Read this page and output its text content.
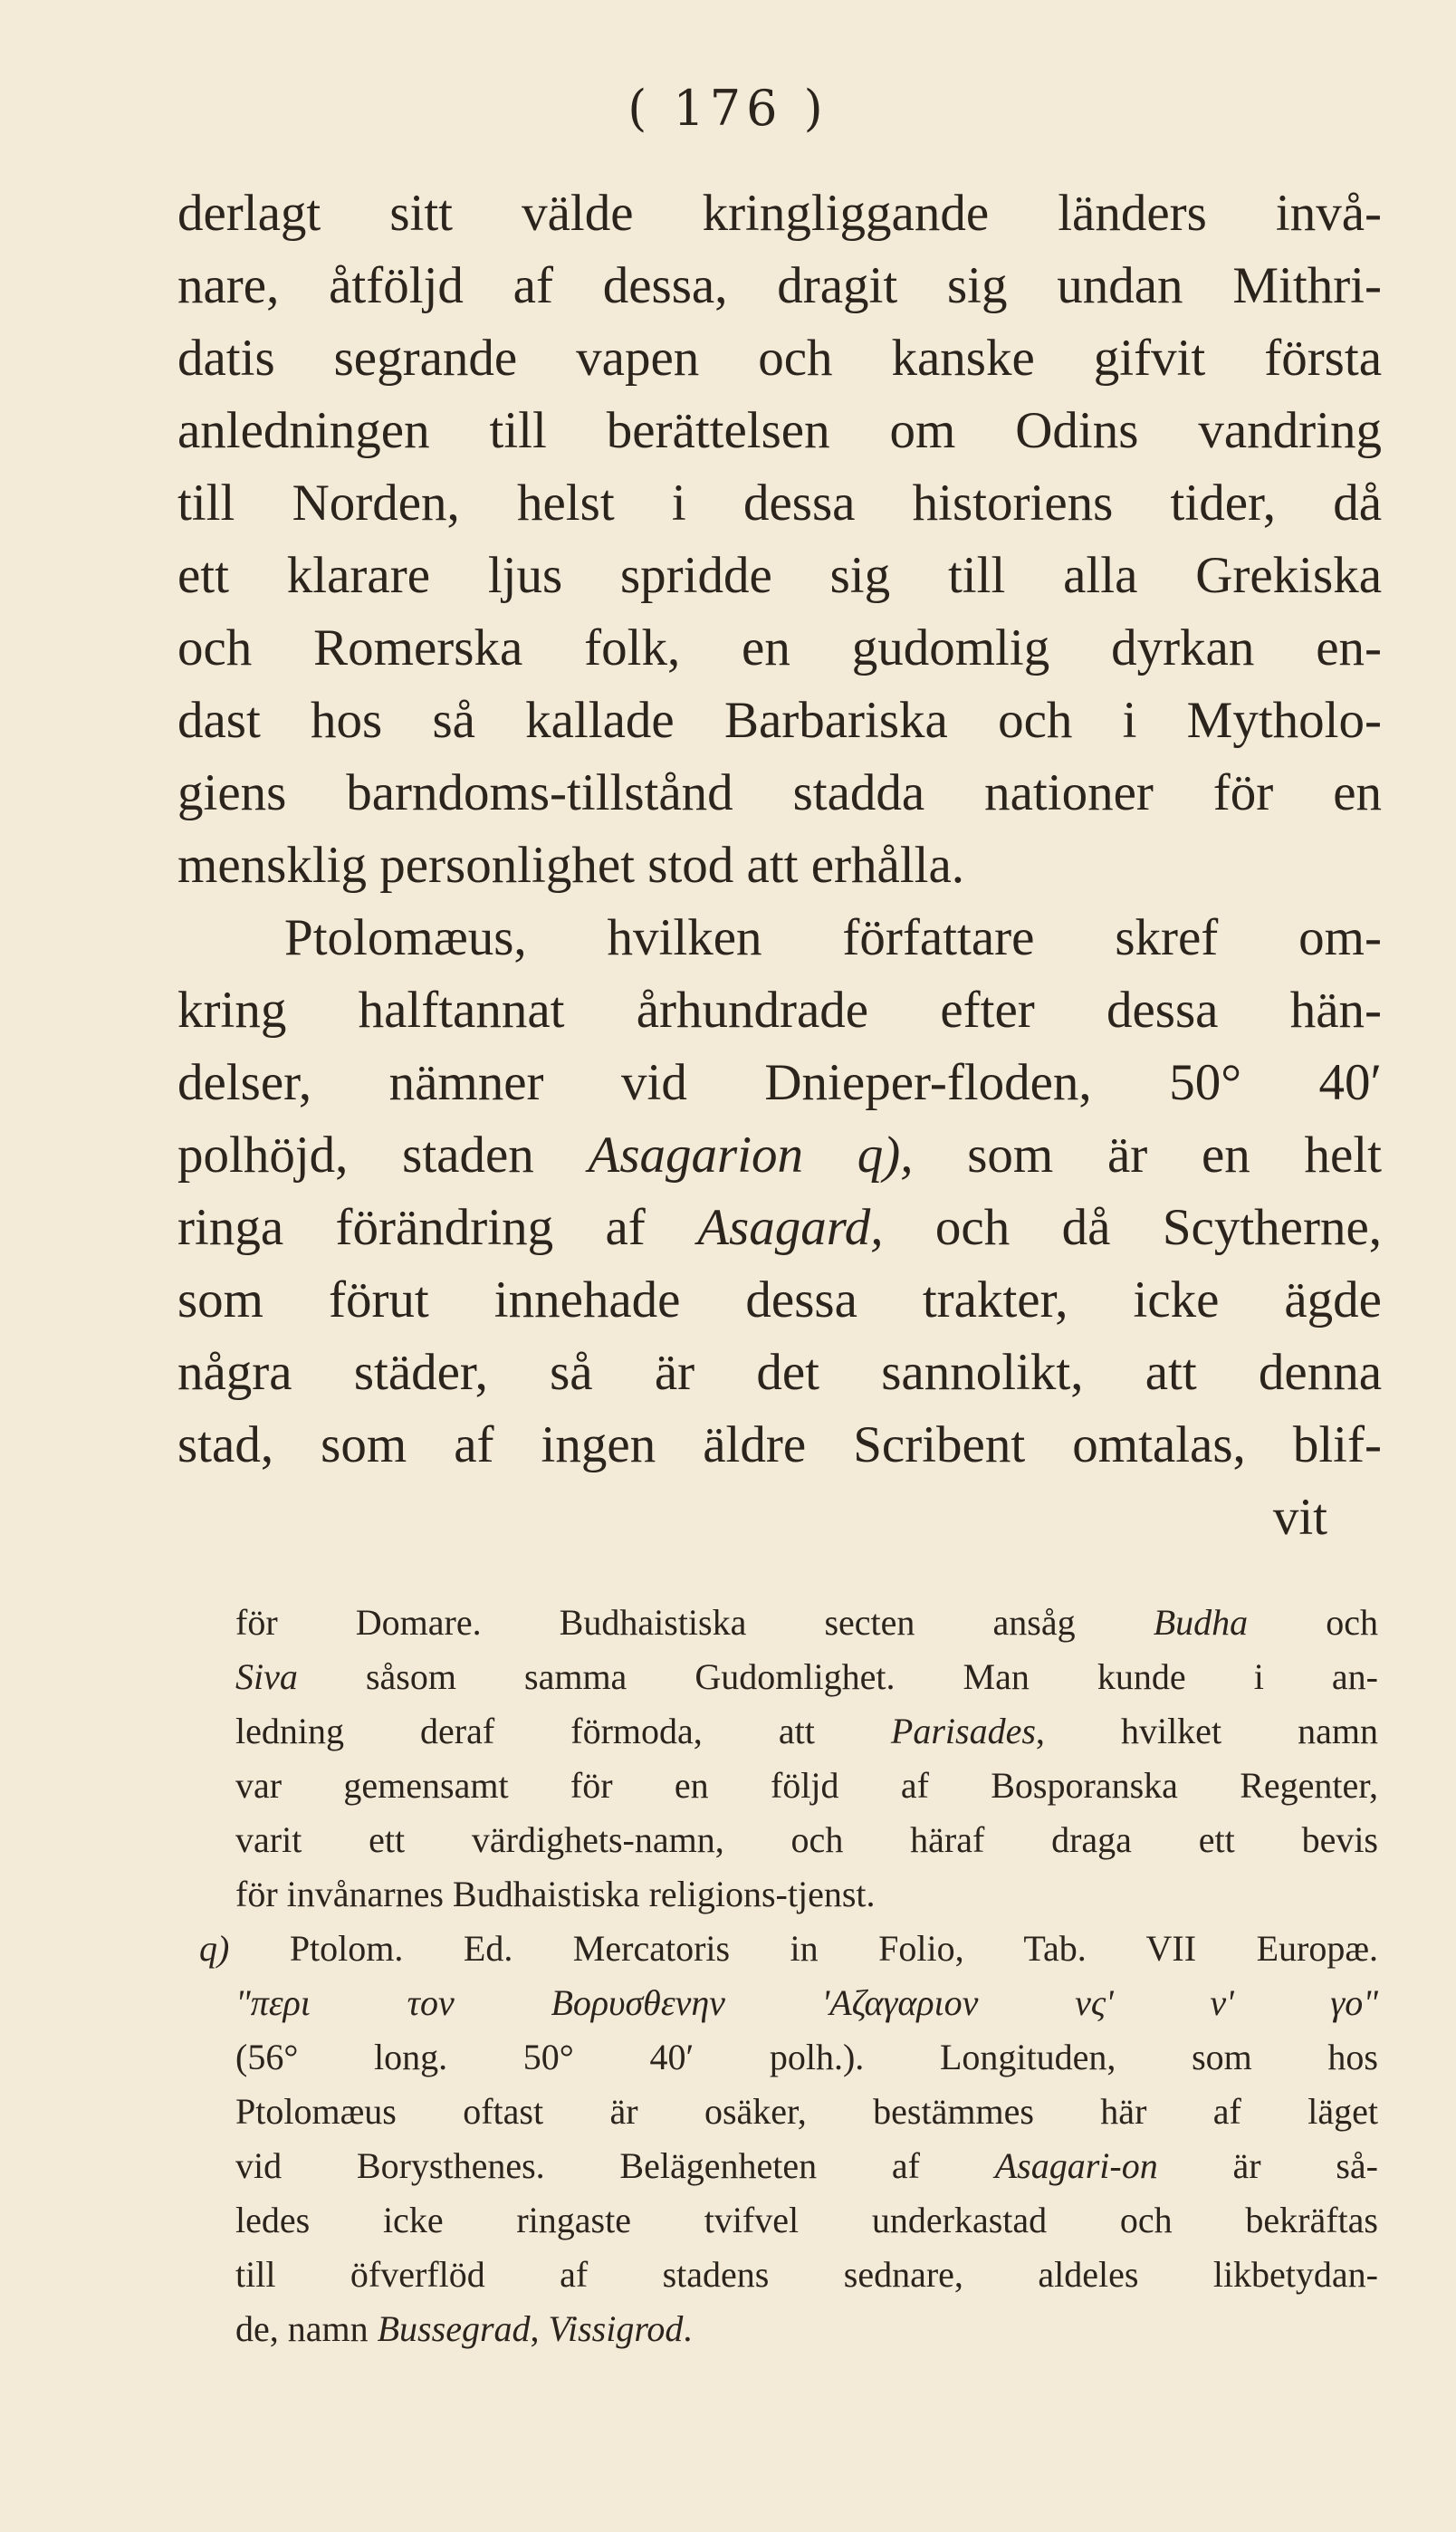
( 176 )
derlagt sitt välde kringliggande länders invå-
nare, åtföljd af dessa, dragit sig undan Mithri-
datis segrande vapen och kanske gifvit första
anledningen till berättelsen om Odins vandring
till Norden, helst i dessa historiens tider, då
ett klarare ljus spridde sig till alla Grekiska
och Romerska folk, en gudomlig dyrkan en-
dast hos så kallade Barbariska och i Mytholo-
giens barndoms-tillstånd stadda nationer för en
mensklig personlighet stod att erhålla.
Ptolomæus, hvilken författare skref om-
kring halftannat århundrade efter dessa hän-
delser, nämner vid Dnieper-floden, 50° 40′
polhöjd, staden Asagarion q), som är en helt
ringa förändring af Asagard, och då Scytherne,
som förut innehade dessa trakter, icke ägde
några städer, så är det sannolikt, att denna
stad, som af ingen äldre Scribent omtalas, blif-
vit
för Domare. Budhaistiska secten ansåg Budha och
Siva såsom samma Gudomlighet. Man kunde i an-
ledning deraf förmoda, att Parisades, hvilket namn
var gemensamt för en följd af Bosporanska Regenter,
varit ett värdighets-namn, och häraf draga ett bevis
för invånarnes Budhaistiska religions-tjenst.
q) Ptolom. Ed. Mercatoris in Folio, Tab. VII Europæ.
"περι τον Βορυσθενην 'Αζαγαριον νς' ν' γο"
(56° long. 50° 40′ polh.). Longituden, som hos
Ptolomæus oftast är osäker, bestämmes här af läget
vid Borysthenes. Belägenheten af Asagari-on är så-
ledes icke ringaste tvifvel underkastad och bekräftas
till öfverflöd af stadens sednare, aldeles likbetydan-
de, namn Bussegrad, Vissigrod.
